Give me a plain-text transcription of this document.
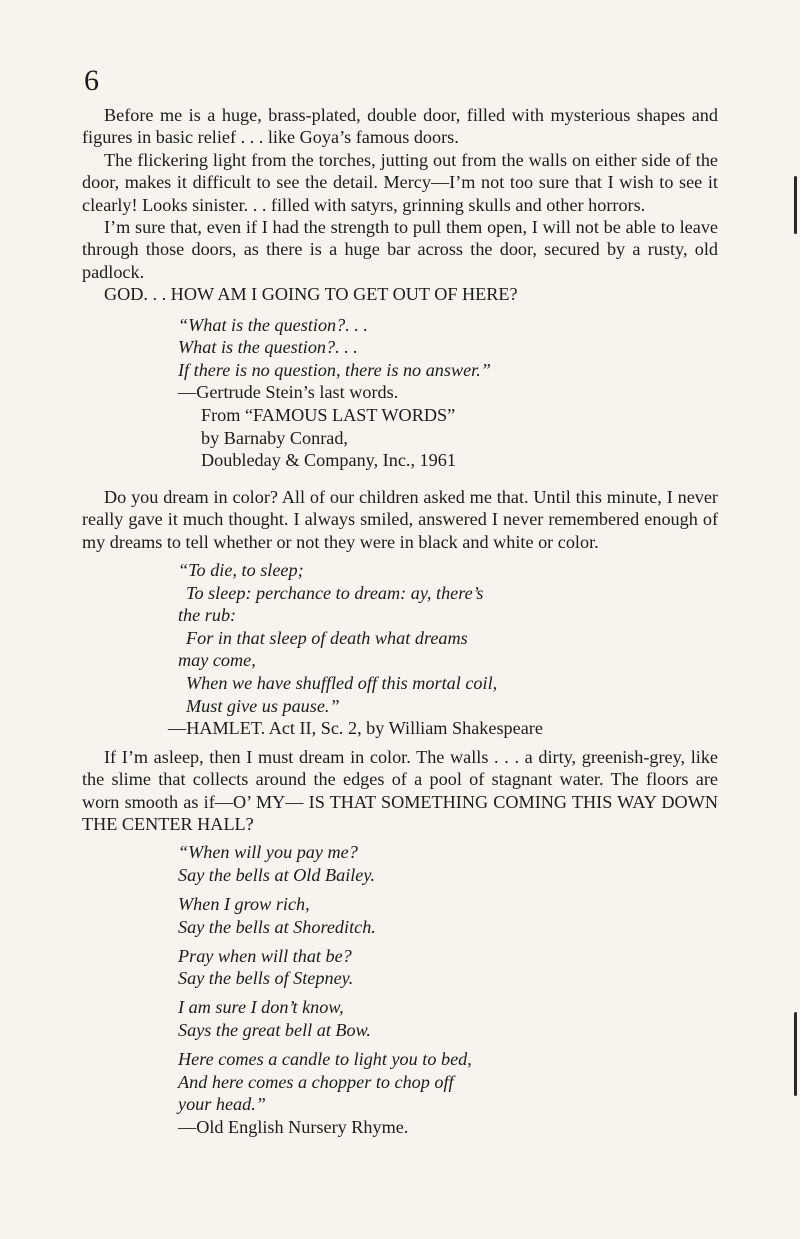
6

Before me is a huge, brass-plated, double door, filled with mysterious shapes and figures in basic relief . . . like Goya’s famous doors.

The flickering light from the torches, jutting out from the walls on either side of the door, makes it difficult to see the detail. Mercy—I’m not too sure that I wish to see it clearly! Looks sinister. . . filled with satyrs, grinning skulls and other horrors.

I’m sure that, even if I had the strength to pull them open, I will not be able to leave through those doors, as there is a huge bar across the door, secured by a rusty, old padlock.

GOD. . . HOW AM I GOING TO GET OUT OF HERE?

“What is the question?. . .
What is the question?. . .
If there is no question, there is no answer.”
—Gertrude Stein’s last words.
From “FAMOUS LAST WORDS”
by Barnaby Conrad,
Doubleday & Company, Inc., 1961

Do you dream in color? All of our children asked me that. Until this minute, I never really gave it much thought. I always smiled, answered I never remembered enough of my dreams to tell whether or not they were in black and white or color.

“To die, to sleep;
To sleep: perchance to dream: ay, there’s
the rub:
For in that sleep of death what dreams
may come,
When we have shuffled off this mortal coil,
Must give us pause.”
—HAMLET. Act II, Sc. 2, by William Shakespeare

If I’m asleep, then I must dream in color. The walls . . . a dirty, greenish-grey, like the slime that collects around the edges of a pool of stagnant water. The floors are worn smooth as if—O’ MY— IS THAT SOMETHING COMING THIS WAY DOWN THE CENTER HALL?

“When will you pay me?
Say the bells at Old Bailey.
When I grow rich,
Say the bells at Shoreditch.
Pray when will that be?
Say the bells of Stepney.
I am sure I don’t know,
Says the great bell at Bow.
Here comes a candle to light you to bed,
And here comes a chopper to chop off
your head.”
—Old English Nursery Rhyme.
